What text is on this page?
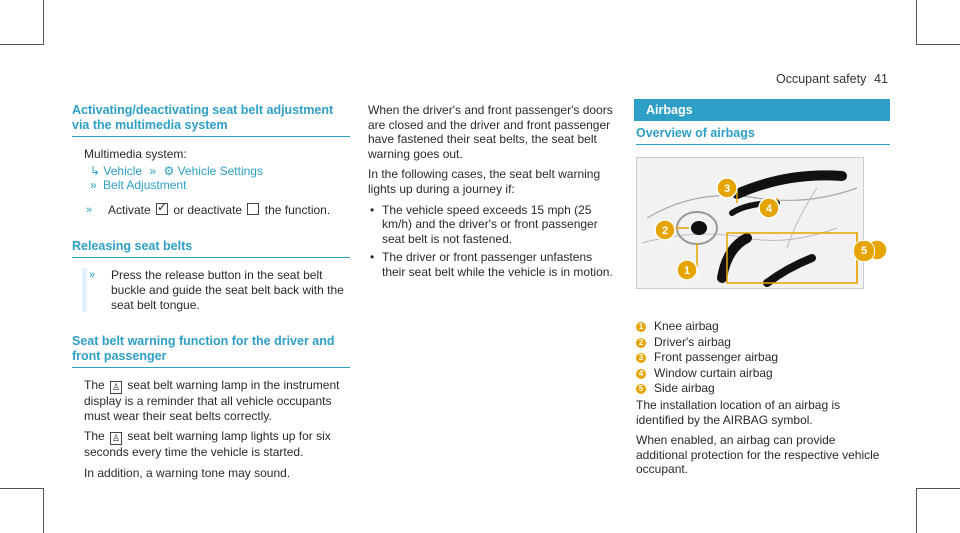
Occupant safety 41
Activating/deactivating seat belt adjustment via the multimedia system
Multimedia system:
↳ Vehicle » ⚙ Vehicle Settings
» Belt Adjustment
» Activate ✓ or deactivate the function.
Releasing seat belts
» Press the release button in the seat belt buckle and guide the seat belt back with the seat belt tongue.
Seat belt warning function for the driver and front passenger
The ♙ seat belt warning lamp in the instrument display is a reminder that all vehicle occupants must wear their seat belts correctly.
The ♙ seat belt warning lamp lights up for six seconds every time the vehicle is started.
In addition, a warning tone may sound.
When the driver's and front passenger's doors are closed and the driver and front passenger have fastened their seat belts, the seat belt warning goes out.
In the following cases, the seat belt warning lights up during a journey if:
• The vehicle speed exceeds 15 mph (25 km/h) and the driver's or front passenger seat belt is not fastened.
• The driver or front passenger unfastens their seat belt while the vehicle is in motion.
Airbags
Overview of airbags
3
4
2
1
5
1 Knee airbag
2 Driver's airbag
3 Front passenger airbag
4 Window curtain airbag
5 Side airbag
The installation location of an airbag is identified by the AIRBAG symbol.
When enabled, an airbag can provide additional protection for the respective vehicle occupant.
